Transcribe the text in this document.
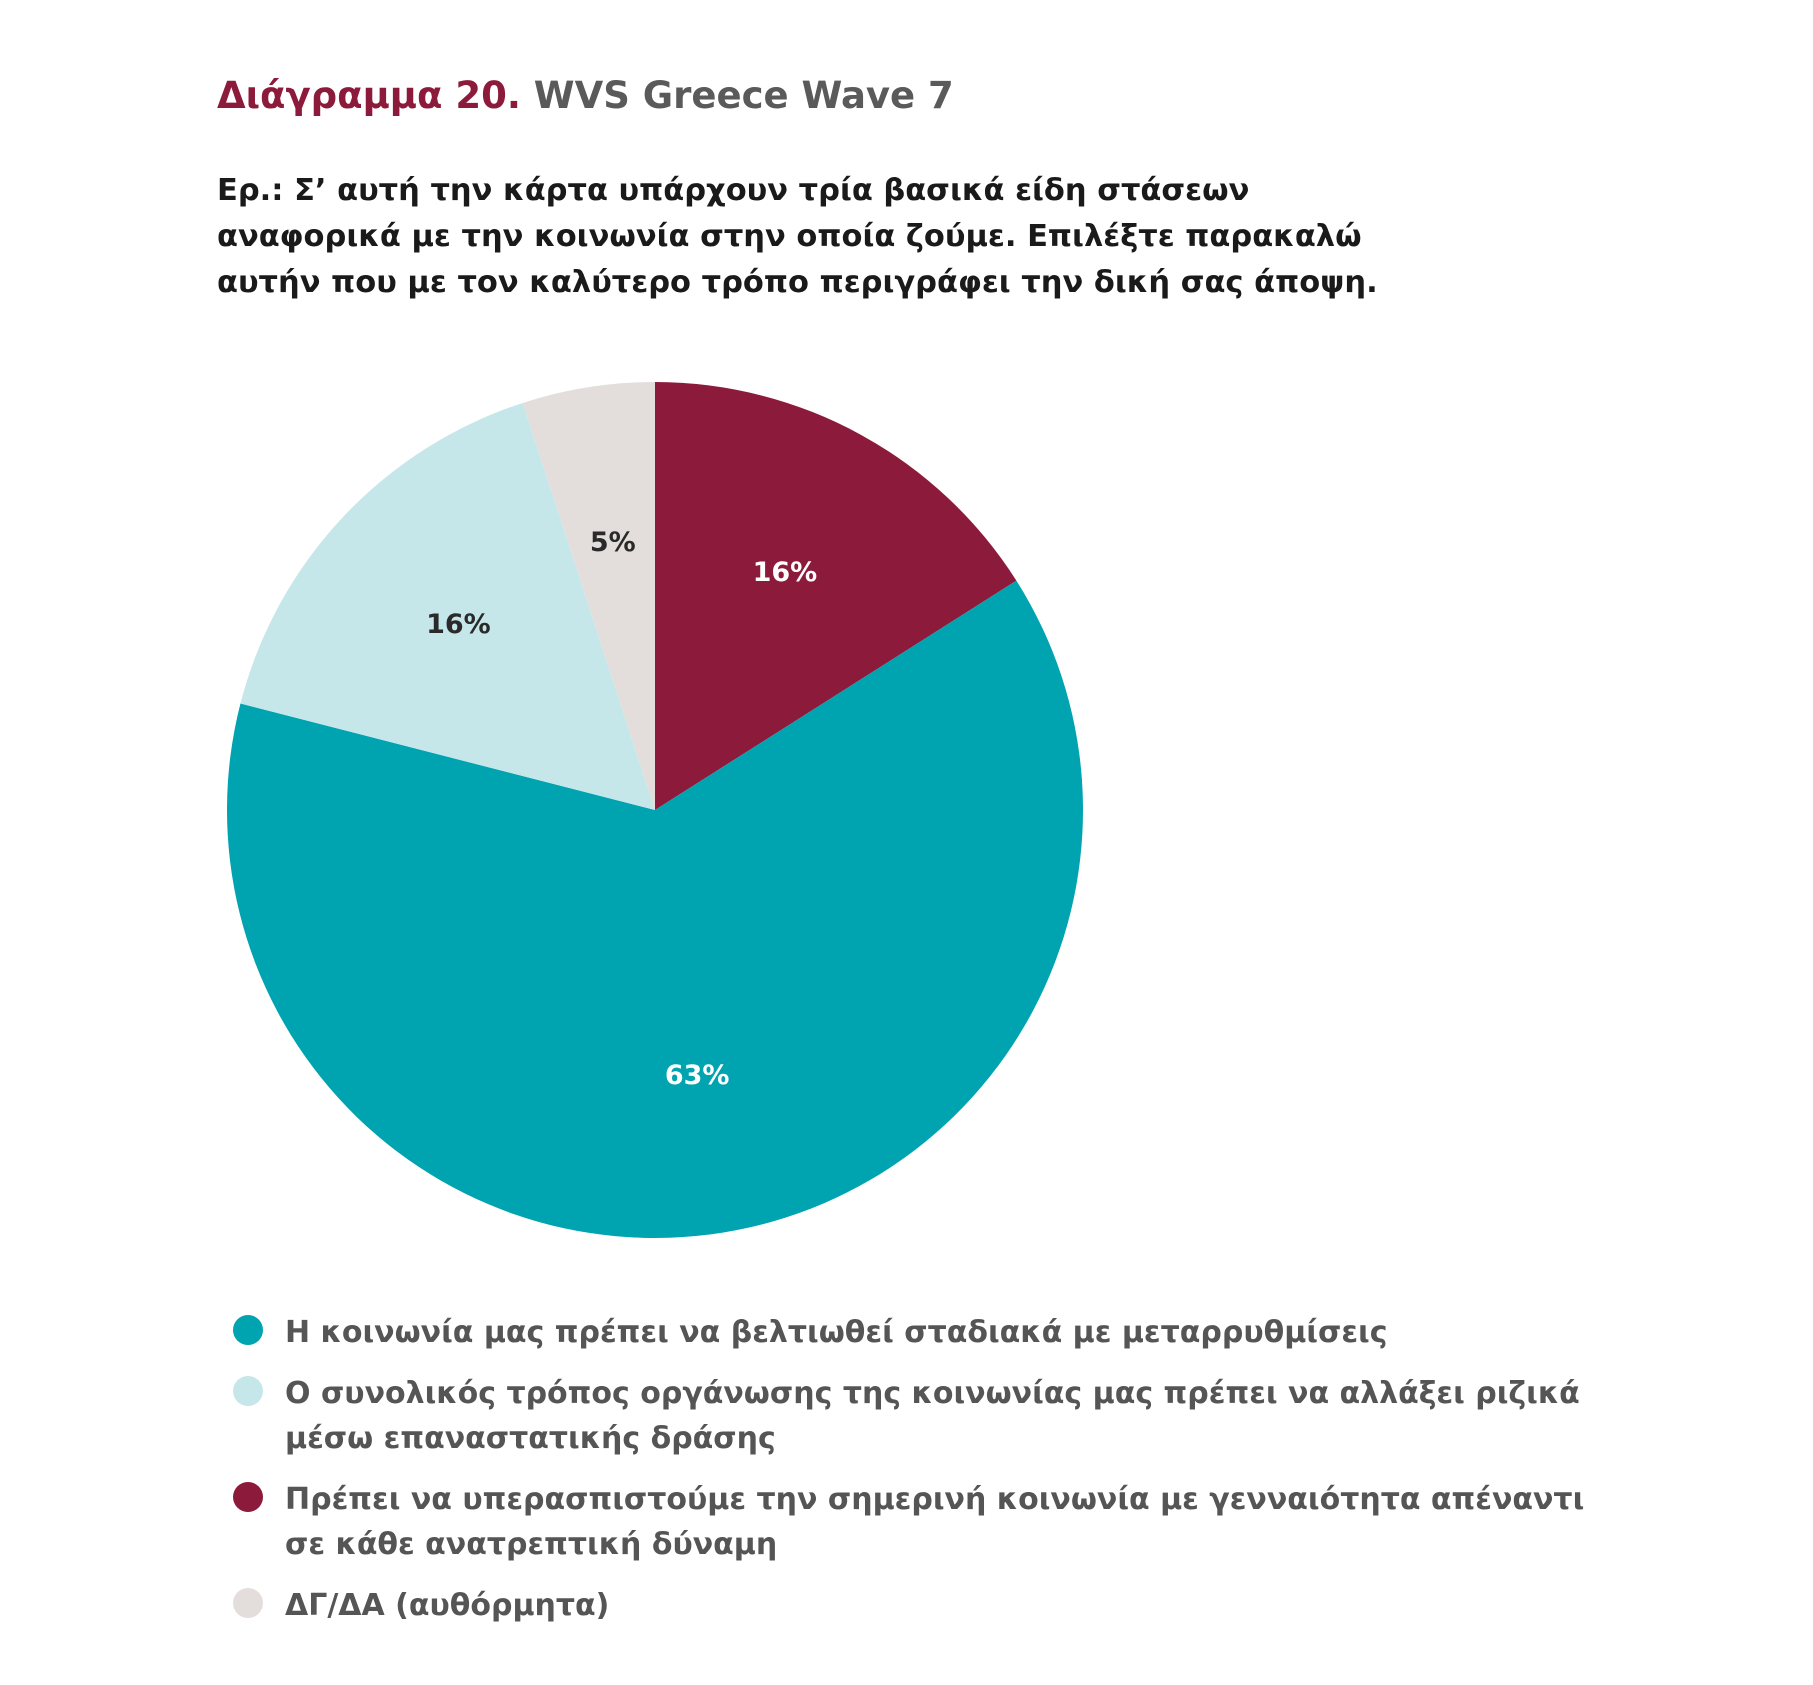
Διάγραμμα 20. WVS Greece Wave 7
Ερ.: Σ’ αυτή την κάρτα υπάρχουν τρία βασικά είδη στάσεων
αναφορικά με την κοινωνία στην οποία ζούμε. Επιλέξτε παρακαλώ
αυτήν που με τον καλύτερο τρόπο περιγράφει την δική σας άποψη.
16%
63%
16%
5%
Η κοινωνία μας πρέπει να βελτιωθεί σταδιακά με μεταρρυθμίσεις
Ο συνολικός τρόπος οργάνωσης της κοινωνίας μας πρέπει να αλλάξει ριζικά μέσω επαναστατικής δράσης
Πρέπει να υπερασπιστούμε την σημερινή κοινωνία με γενναιότητα απέναντι σε κάθε ανατρεπτική δύναμη
ΔΓ/ΔΑ (αυθόρμητα)
